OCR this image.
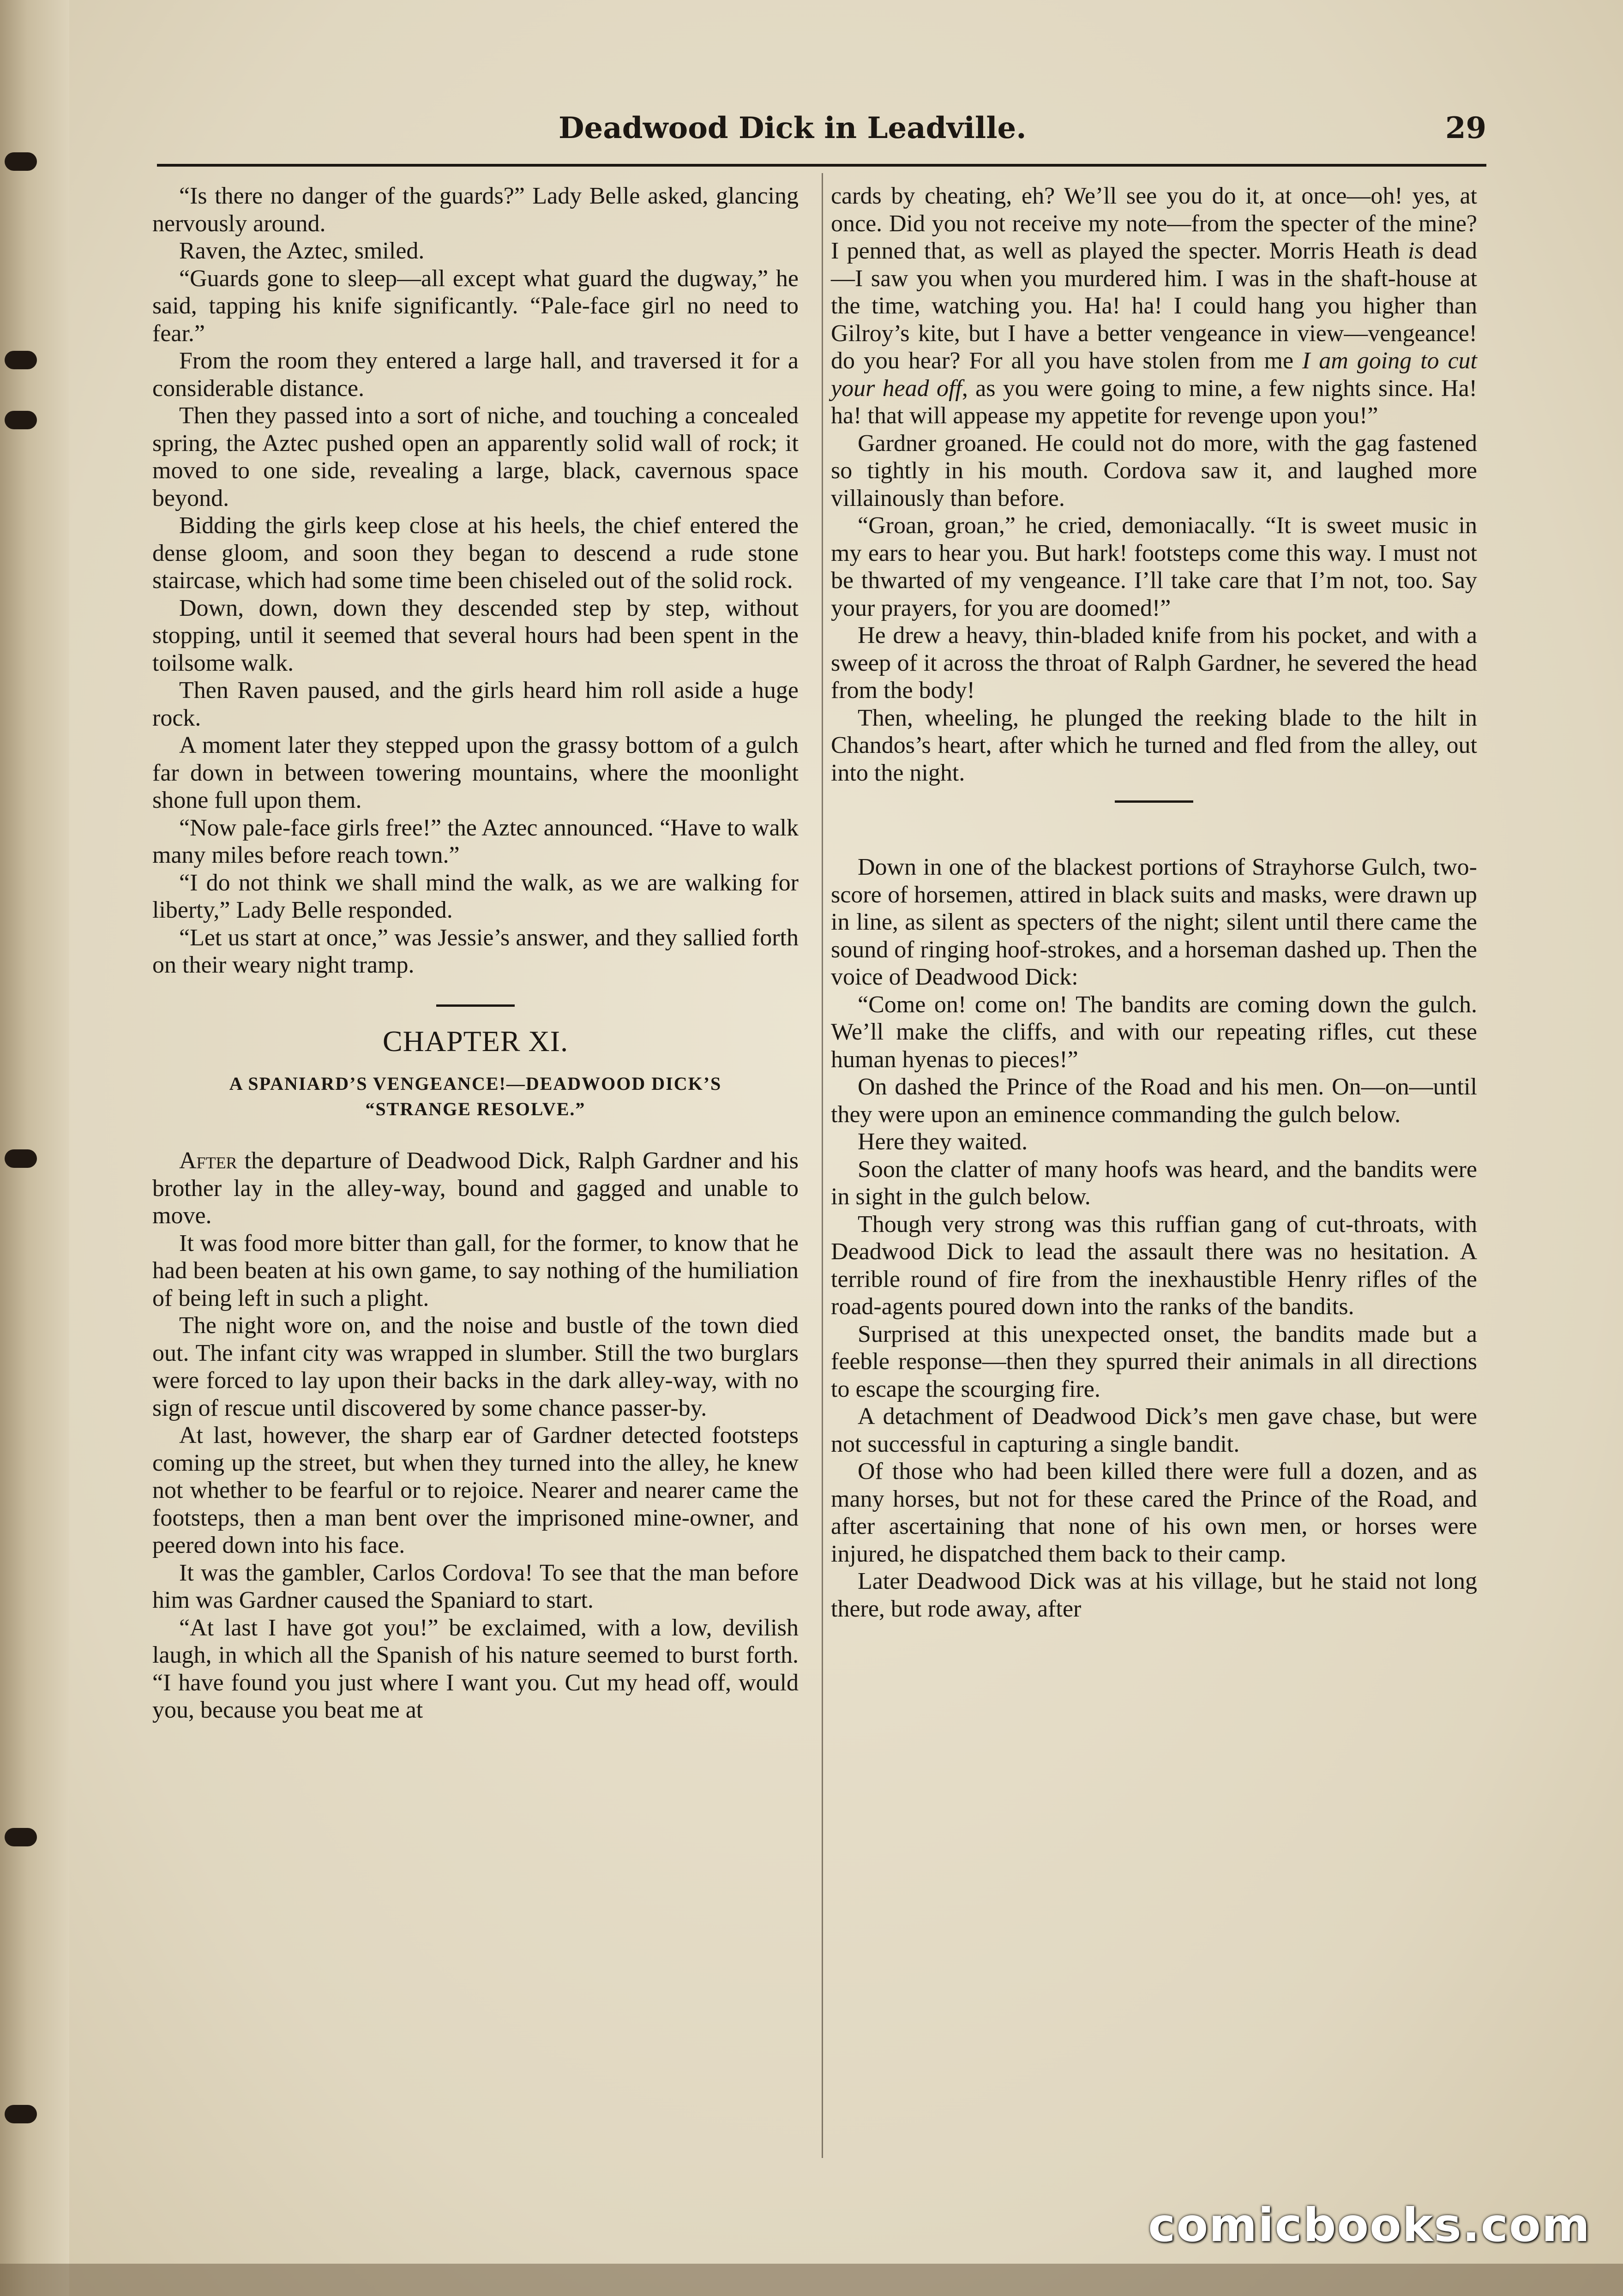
Deadwood Dick in Leadville.	29

“Is there no danger of the guards?” Lady Belle asked, glancing nervously around.

Raven, the Aztec, smiled.

“Guards gone to sleep—all except what guard the dugway,” he said, tapping his knife significantly. “Pale-face girl no need to fear.”

From the room they entered a large hall, and traversed it for a considerable distance.

Then they passed into a sort of niche, and touching a concealed spring, the Aztec pushed open an apparently solid wall of rock; it moved to one side, revealing a large, black, cavernous space beyond.

Bidding the girls keep close at his heels, the chief entered the dense gloom, and soon they began to descend a rude stone staircase, which had some time been chiseled out of the solid rock.

Down, down, down they descended step by step, without stopping, until it seemed that several hours had been spent in the toilsome walk.

Then Raven paused, and the girls heard him roll aside a huge rock.

A moment later they stepped upon the grassy bottom of a gulch far down in between towering mountains, where the moonlight shone full upon them.

“Now pale-face girls free!” the Aztec announced. “Have to walk many miles before reach town.”

“I do not think we shall mind the walk, as we are walking for liberty,” Lady Belle responded.

“Let us start at once,” was Jessie’s answer, and they sallied forth on their weary night tramp.

CHAPTER XI.
A SPANIARD’S VENGEANCE!—DEADWOOD DICK’S
“STRANGE RESOLVE.”

After the departure of Deadwood Dick, Ralph Gardner and his brother lay in the alley-way, bound and gagged and unable to move.

It was food more bitter than gall, for the former, to know that he had been beaten at his own game, to say nothing of the humiliation of being left in such a plight.

The night wore on, and the noise and bustle of the town died out. The infant city was wrapped in slumber. Still the two burglars were forced to lay upon their backs in the dark alley-way, with no sign of rescue until discovered by some chance passer-by.

At last, however, the sharp ear of Gardner detected footsteps coming up the street, but when they turned into the alley, he knew not whether to be fearful or to rejoice. Nearer and nearer came the footsteps, then a man bent over the imprisoned mine-owner, and peered down into his face.

It was the gambler, Carlos Cordova! To see that the man before him was Gardner caused the Spaniard to start.

“At last I have got you!” be exclaimed, with a low, devilish laugh, in which all the Spanish of his nature seemed to burst forth. “I have found you just where I want you. Cut my head off, would you, because you beat me at

cards by cheating, eh? We’ll see you do it, at once—oh! yes, at once. Did you not receive my note—from the specter of the mine? I penned that, as well as played the specter. Morris Heath is dead—I saw you when you murdered him. I was in the shaft-house at the time, watching you. Ha! ha! I could hang you higher than Gilroy’s kite, but I have a better vengeance in view—vengeance! do you hear? For all you have stolen from me I am going to cut your head off, as you were going to mine, a few nights since. Ha! ha! that will appease my appetite for revenge upon you!”

Gardner groaned. He could not do more, with the gag fastened so tightly in his mouth. Cordova saw it, and laughed more villainously than before.

“Groan, groan,” he cried, demoniacally. “It is sweet music in my ears to hear you. But hark! footsteps come this way. I must not be thwarted of my vengeance. I’ll take care that I’m not, too. Say your prayers, for you are doomed!”

He drew a heavy, thin-bladed knife from his pocket, and with a sweep of it across the throat of Ralph Gardner, he severed the head from the body!

Then, wheeling, he plunged the reeking blade to the hilt in Chandos’s heart, after which he turned and fled from the alley, out into the night.

Down in one of the blackest portions of Strayhorse Gulch, two-score of horsemen, attired in black suits and masks, were drawn up in line, as silent as specters of the night; silent until there came the sound of ringing hoof-strokes, and a horseman dashed up. Then the voice of Deadwood Dick:

“Come on! come on! The bandits are coming down the gulch. We’ll make the cliffs, and with our repeating rifles, cut these human hyenas to pieces!”

On dashed the Prince of the Road and his men. On—on—until they were upon an eminence commanding the gulch below.

Here they waited.

Soon the clatter of many hoofs was heard, and the bandits were in sight in the gulch below.

Though very strong was this ruffian gang of cut-throats, with Deadwood Dick to lead the assault there was no hesitation. A terrible round of fire from the inexhaustible Henry rifles of the road-agents poured down into the ranks of the bandits.

Surprised at this unexpected onset, the bandits made but a feeble response—then they spurred their animals in all directions to escape the scourging fire.

A detachment of Deadwood Dick’s men gave chase, but were not successful in capturing a single bandit.

Of those who had been killed there were full a dozen, and as many horses, but not for these cared the Prince of the Road, and after ascertaining that none of his own men, or horses were injured, he dispatched them back to their camp.

Later Deadwood Dick was at his village, but he staid not long there, but rode away, after

comicbooks.com
